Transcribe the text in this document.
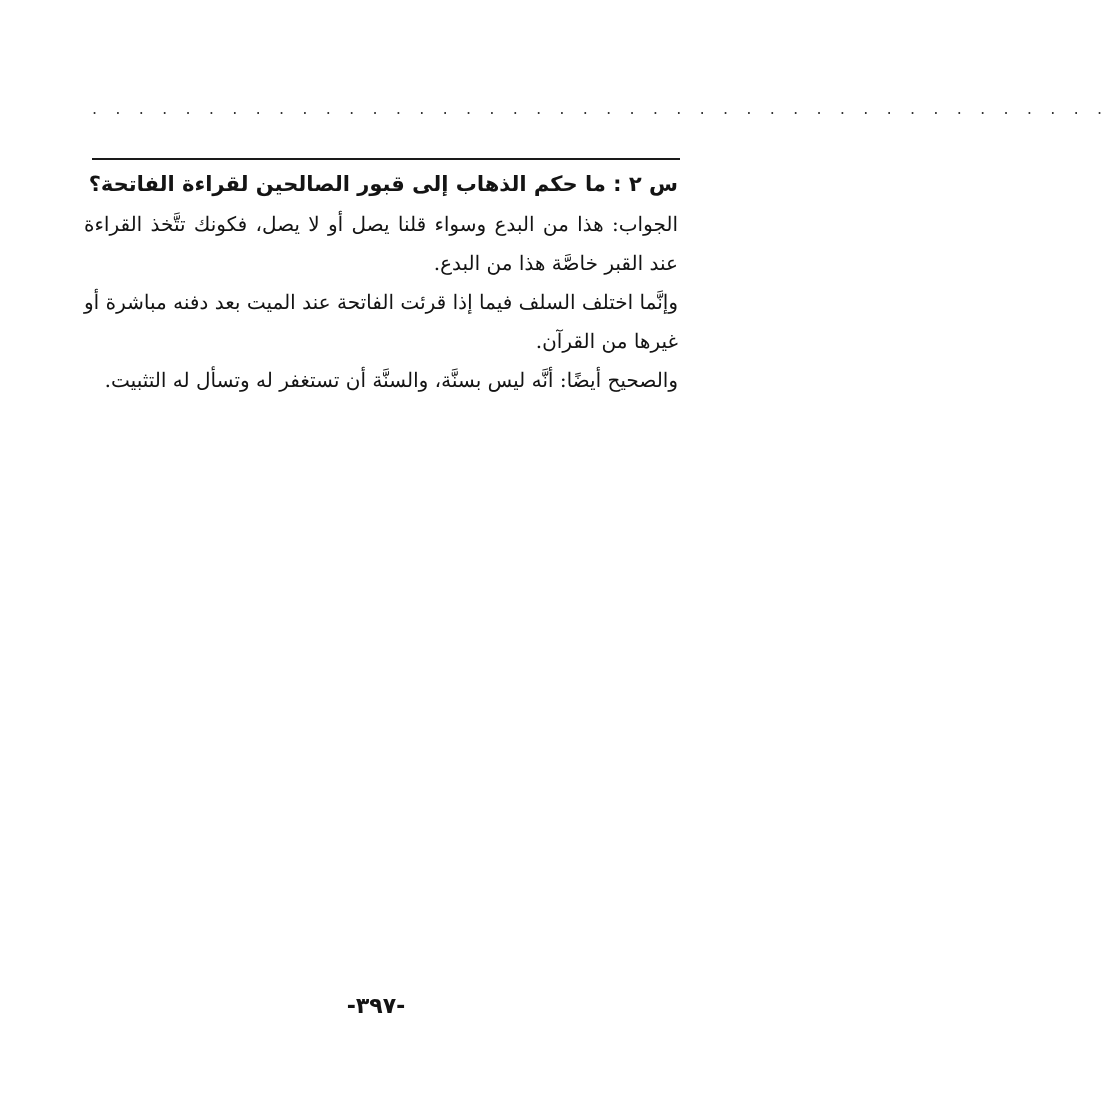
. . . . . . . . . . . . . . . . . . . . . . . . . . . . . . . . . . . . . . . . . . . .

س ٢ : ما حكم الذهاب إلى قبور الصالحين لقراءة الفاتحة؟

الجواب: هذا من البدع وسواء قلنا يصل أو لا يصل، فكونك تتَّخذ القراءة عند القبر خاصَّة هذا من البدع.

وإنَّما اختلف السلف فيما إذا قرئت الفاتحة عند الميت بعد دفنه مباشرة أو غيرها من القرآن.

والصحيح أيضًا: أنَّه ليس بسنَّة، والسنَّة أن تستغفر له وتسأل له التثبيت.

-٣٩٧-
